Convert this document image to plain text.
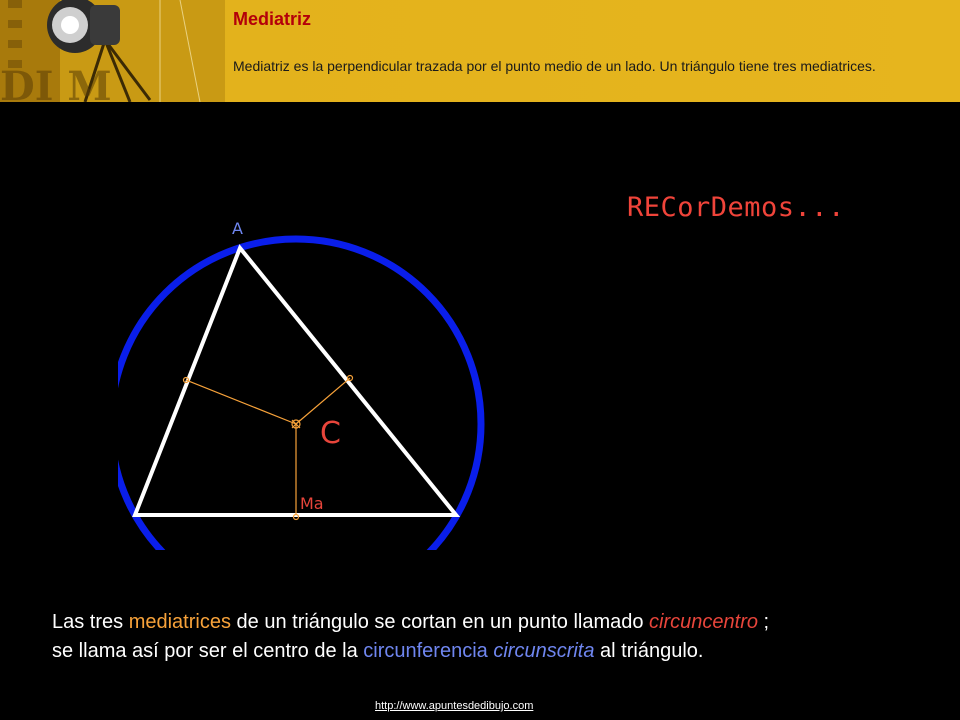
DI M
Mediatriz

Mediatriz es la perpendicular trazada por el punto medio de un lado. Un triángulo tiene tres mediatrices.

RECorDemos...
A
C
Ma
Las tres mediatrices de un triángulo se cortan en un punto llamado circuncentro ;
se llama así por ser el centro de la circunferencia circunscrita al triángulo.
http://www.apuntesdedibujo.com
